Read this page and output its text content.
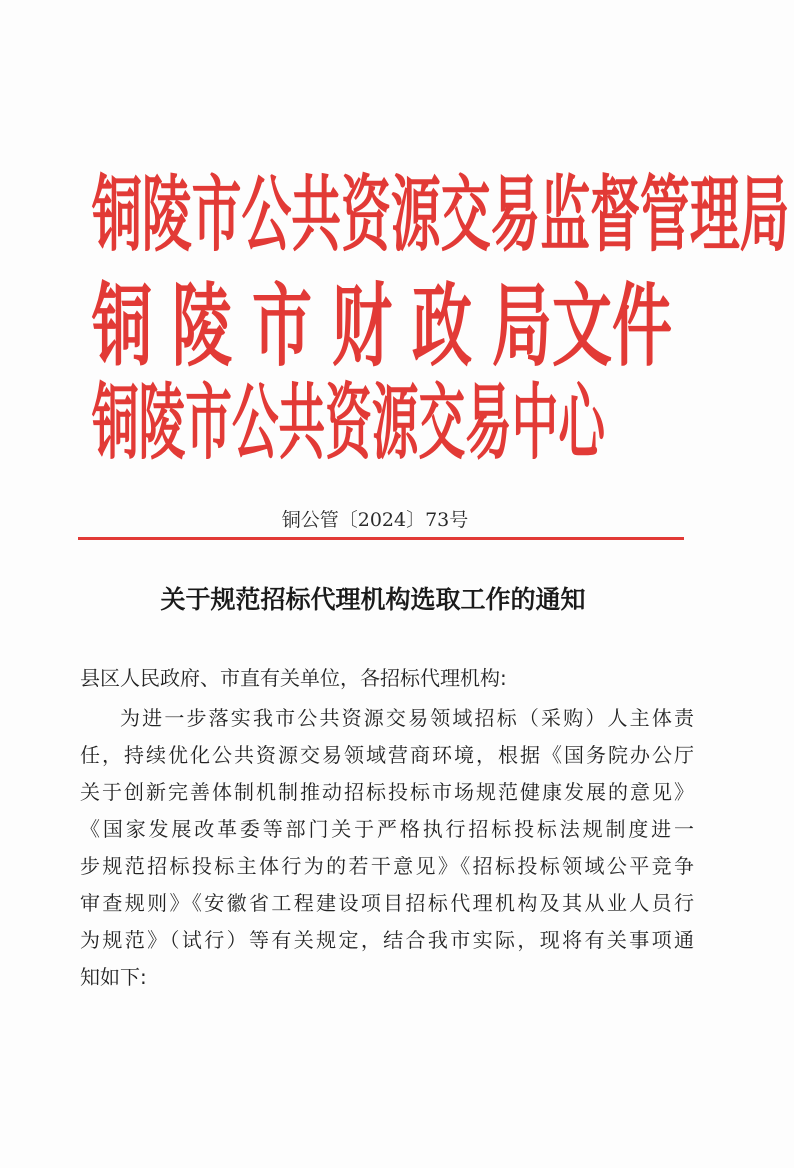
铜陵市公共资源交易监督管理局
铜 陵 市 财 政 局文件
铜陵市公共资源交易中心
铜公管〔2024〕73号
关于规范招标代理机构选取工作的通知
县区人民政府、市直有关单位，各招标代理机构:
为进一步落实我市公共资源交易领域招标（采购）人主体责
任，持续优化公共资源交易领域营商环境，根据《国务院办公厅
关于创新完善体制机制推动招标投标市场规范健康发展的意见》
《国家发展改革委等部门关于严格执行招标投标法规制度进一
步规范招标投标主体行为的若干意见》《招标投标领域公平竞争
审查规则》《安徽省工程建设项目招标代理机构及其从业人员行
为规范》（试行）等有关规定，结合我市实际，现将有关事项通
知如下:
